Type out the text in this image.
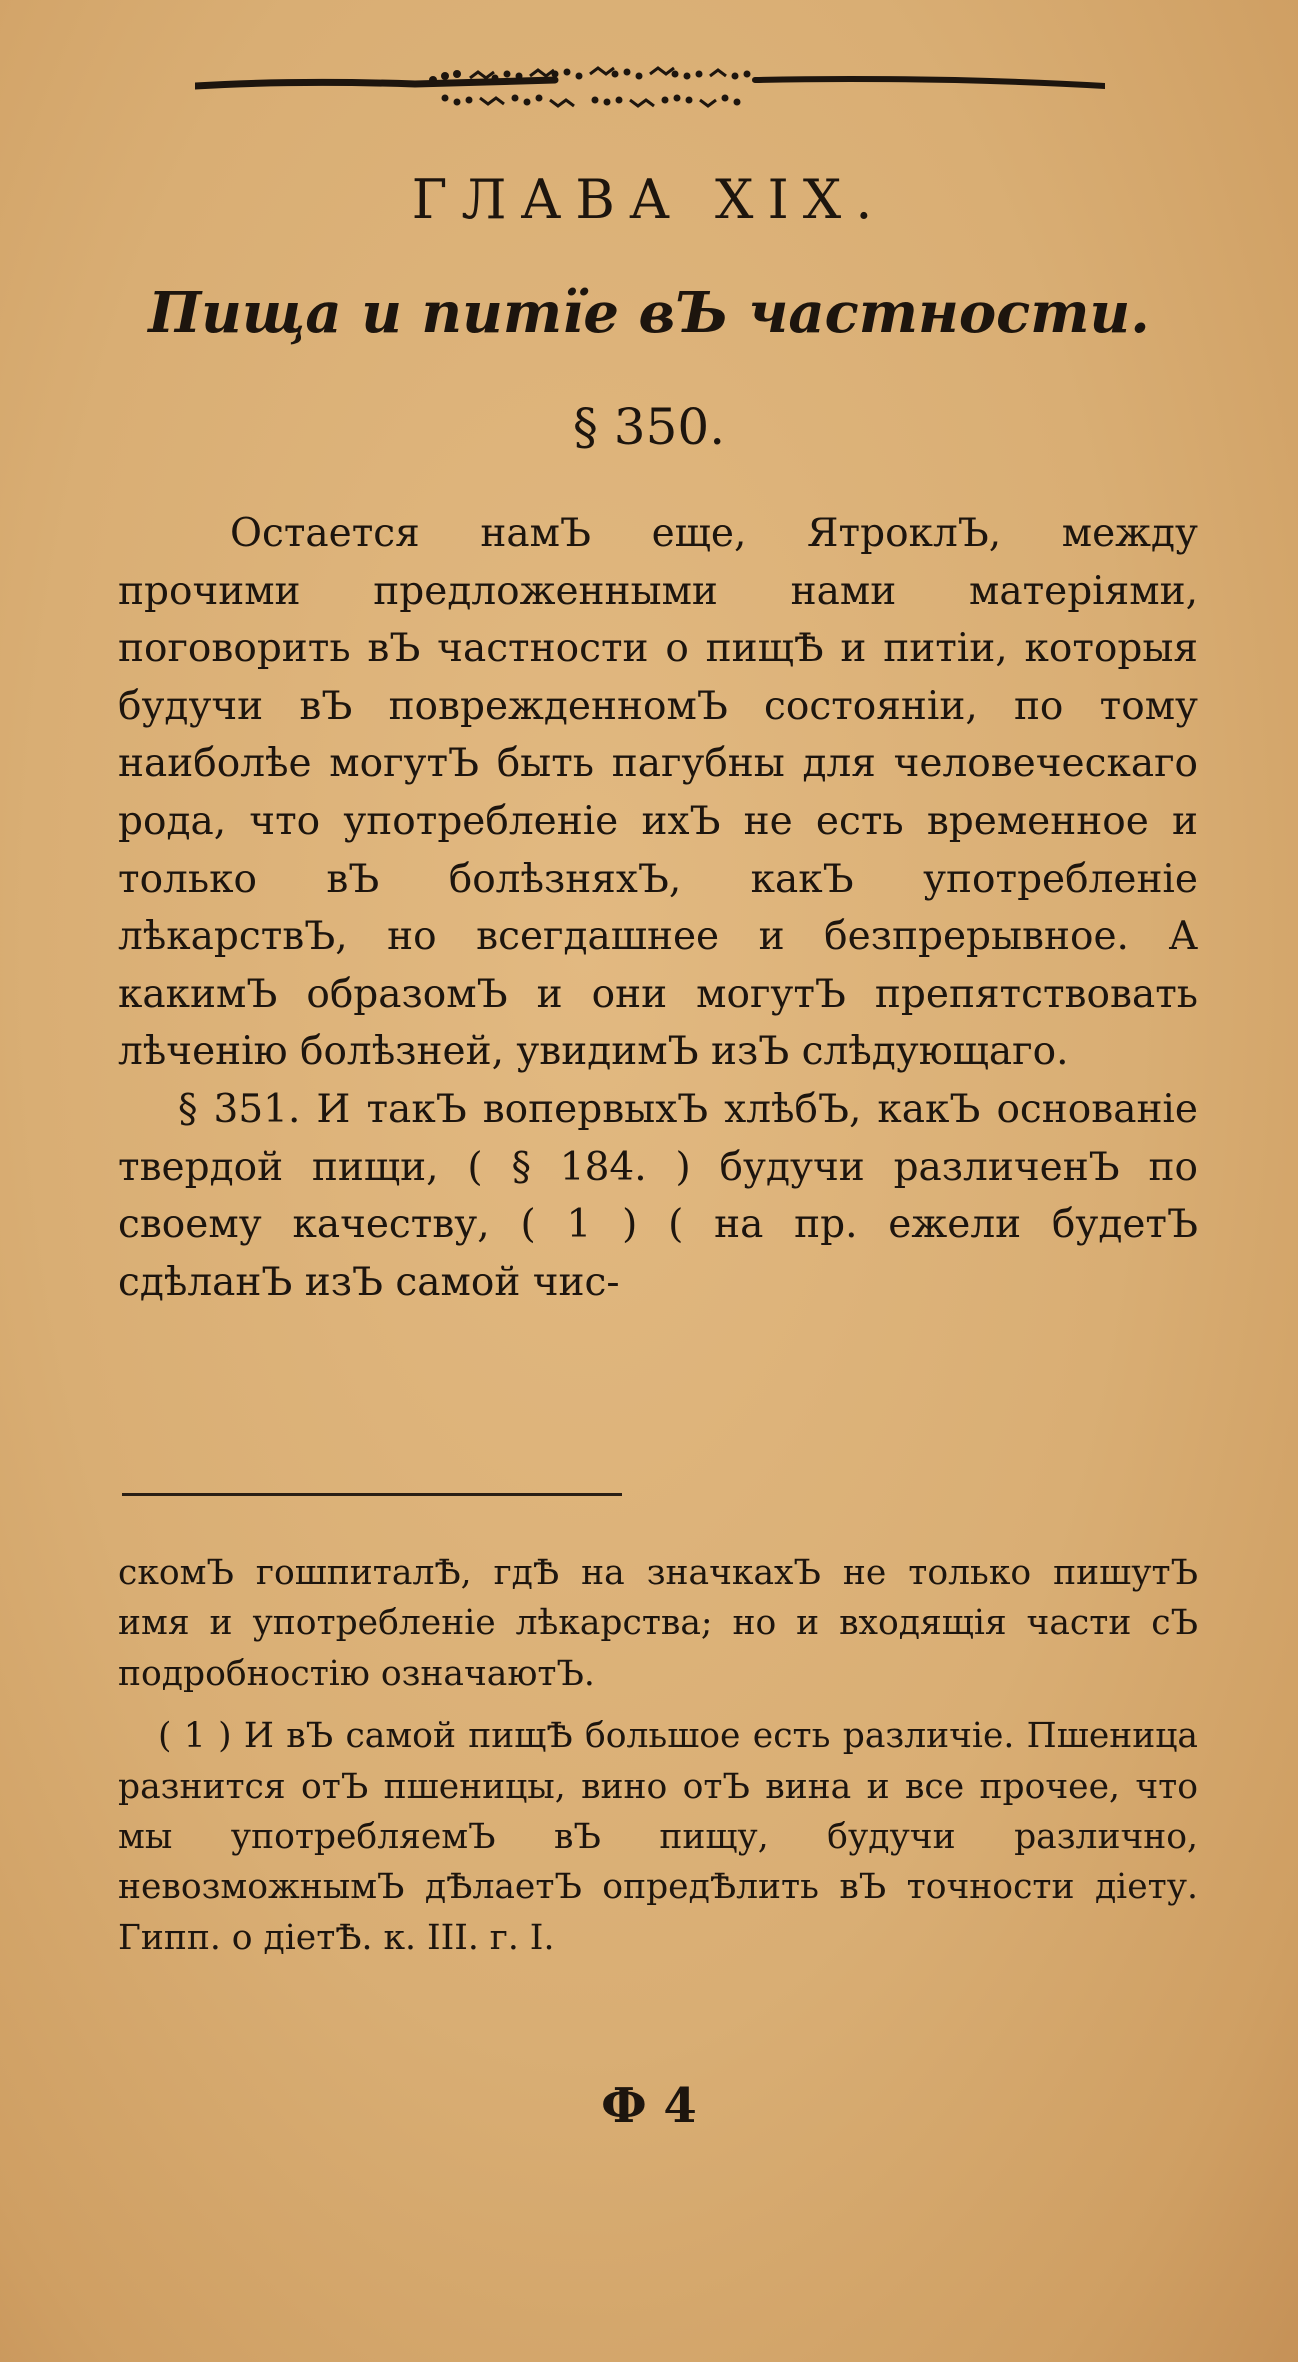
ГЛАВА XIX.
Пища и питїе вЪ частности.
§ 350.

Остается намЪ еще, ЯтроклЪ, между прочими предложенными нами матерiями, поговорить вЪ частности о пищѢ и питiи, которыя будучи вЪ поврежденномЪ состоянiи, по тому наиболѣе могутЪ быть пагубны для человеческаго рода, что употребленiе ихЪ не есть временное и только вЪ болѣзняхЪ, какЪ употребленiе лѣкарствЪ, но всегдашнее и безпрерывное. А какимЪ образомЪ и они могутЪ препятствовать лѣченiю болѣзней, увидимЪ изЪ слѣдующаго.

§ 351. И такЪ вопервыхЪ хлѣбЪ, какЪ основанiе твердой пищи, ( § 184. ) будучи различенЪ по своему качеству, ( 1 ) ( на пр. ежели будетЪ сдѣланЪ изЪ самой чис-

скомЪ гошпиталѢ, гдѢ на значкахЪ не только пишутЪ имя и употребленiе лѣкарства; но и входящiя части сЪ подробностiю означаютЪ.

( 1 ) И вЪ самой пищѢ большое есть различiе. Пшеница разнится отЪ пшеницы, вино отЪ вина и все прочее, что мы употребляемЪ вЪ пищу, будучи различно, невозможнымЪ дѢлаетЪ опредѢлить вЪ точности дiету. Гипп. о дiетѢ. к. III. г. I.

Ф 4
